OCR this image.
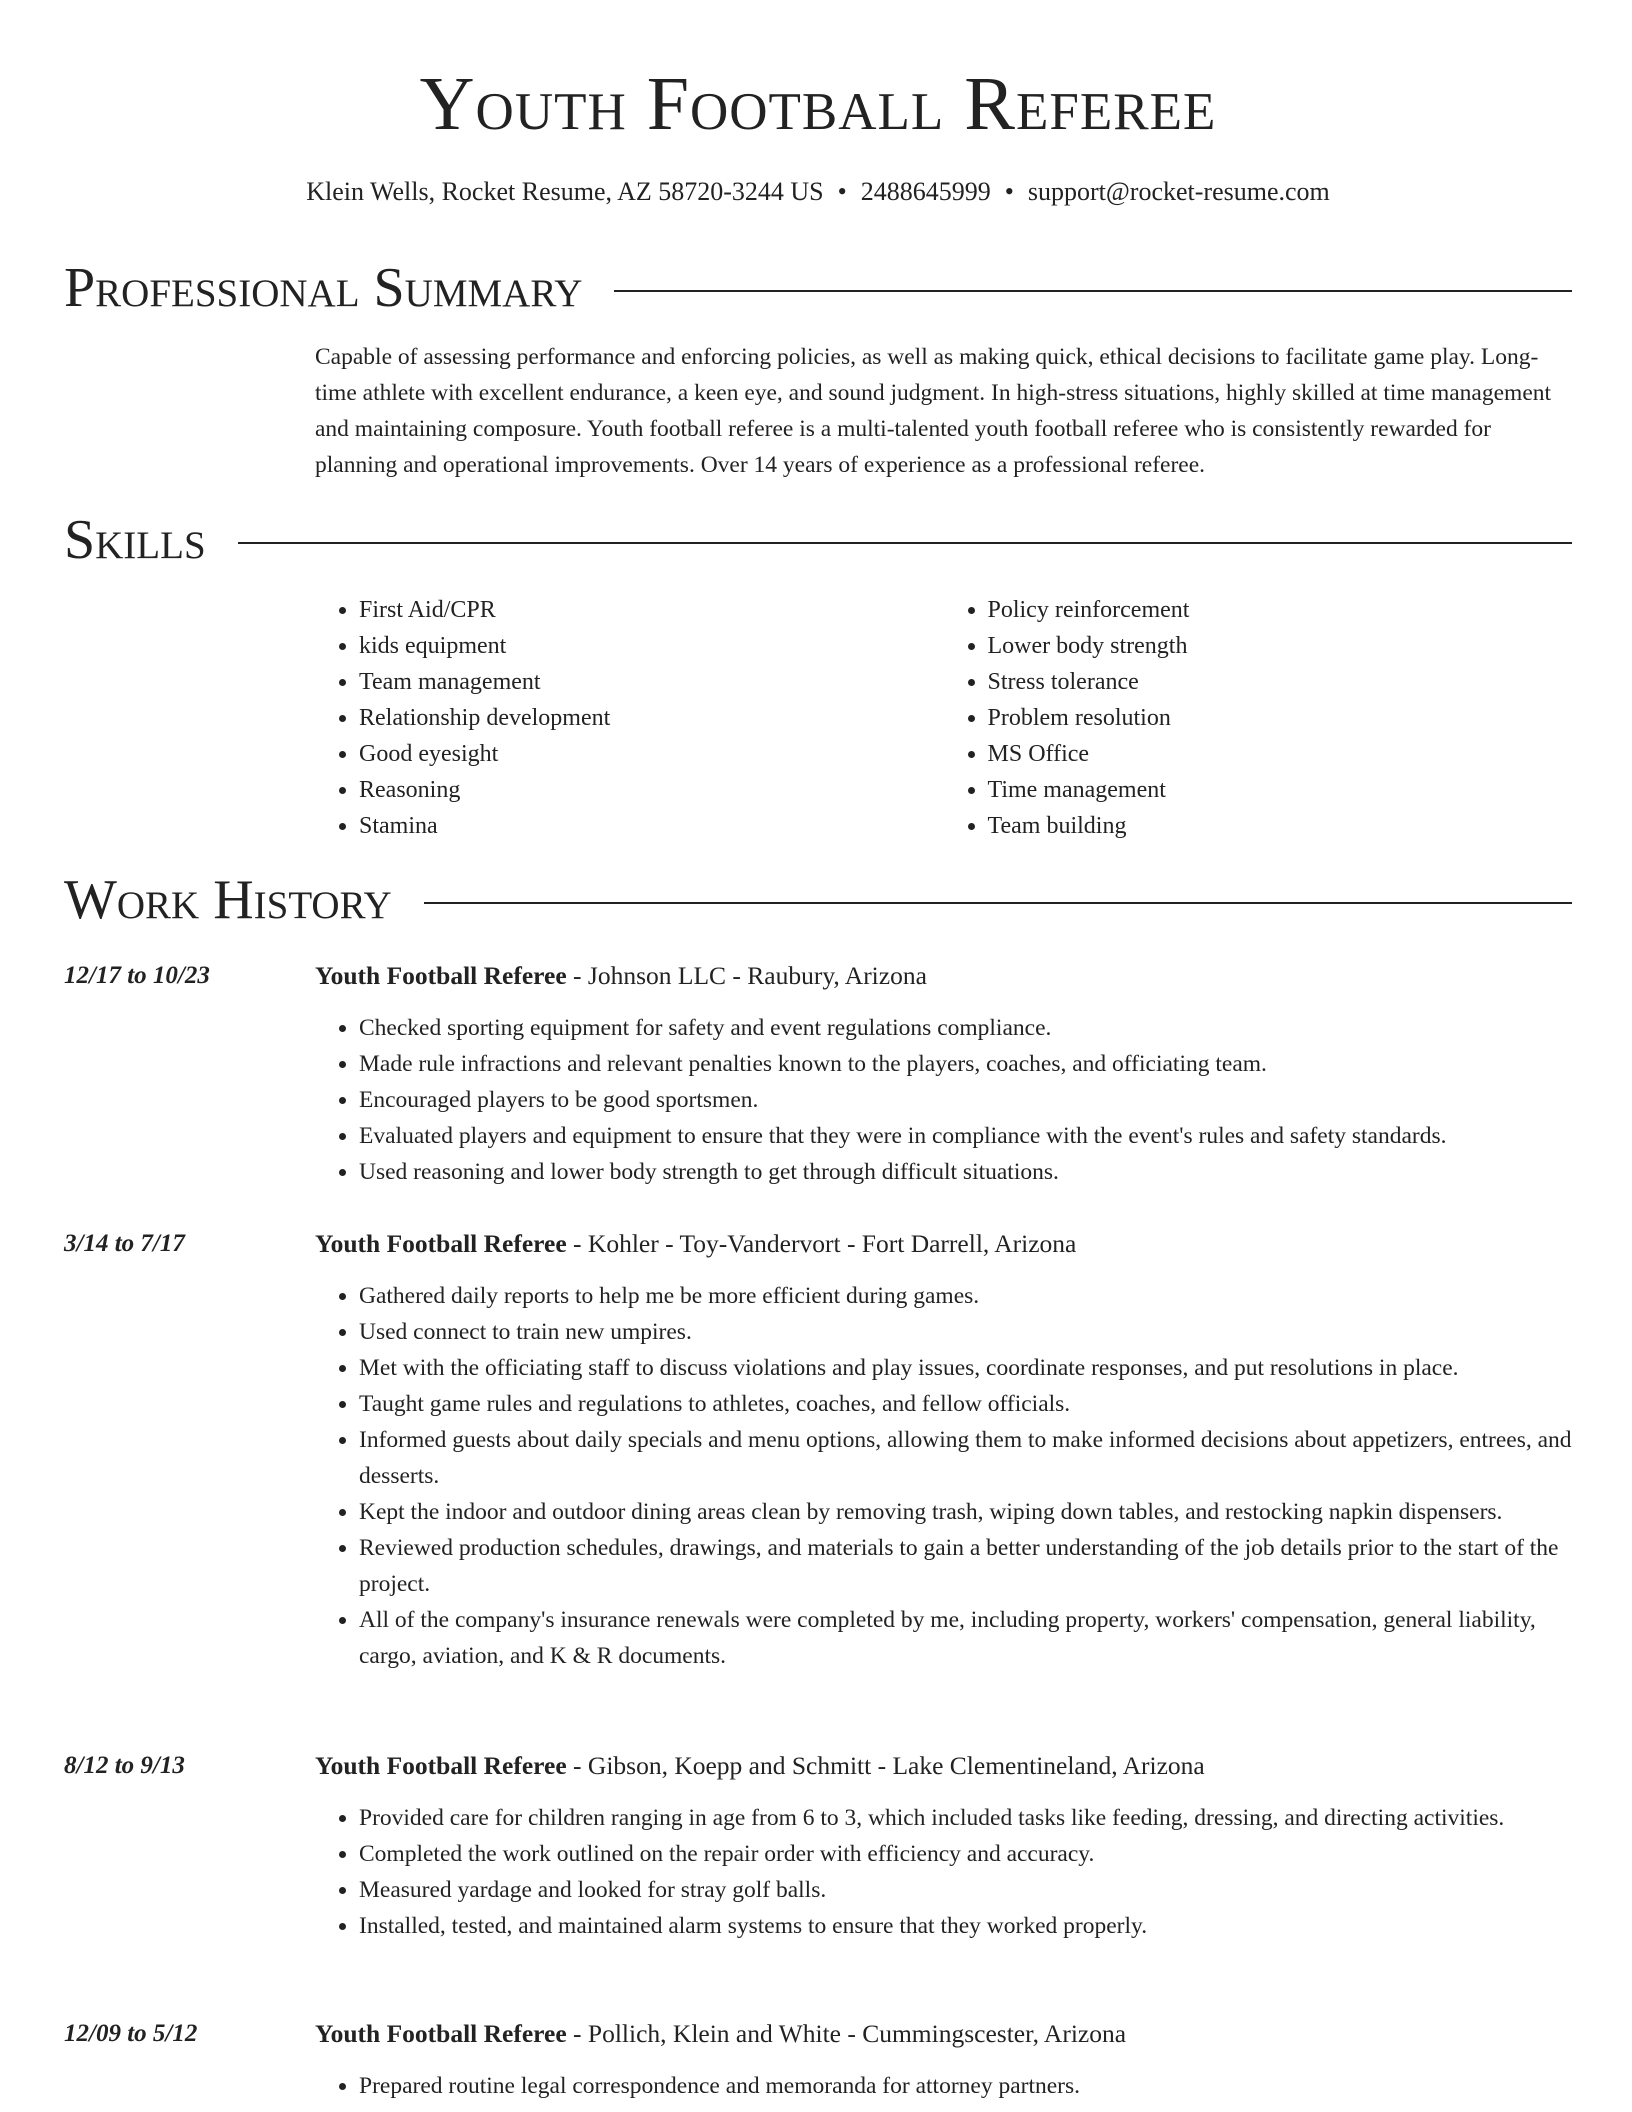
Youth Football Referee
Klein Wells, Rocket Resume, AZ 58720-3244 US • 2488645999 • support@rocket-resume.com
Professional Summary

Capable of assessing performance and enforcing policies, as well as making quick, ethical decisions to facilitate game play. Long-time athlete with excellent endurance, a keen eye, and sound judgment. In high-stress situations, highly skilled at time management and maintaining composure. Youth football referee is a multi-talented youth football referee who is consistently rewarded for planning and operational improvements. Over 14 years of experience as a professional referee.

Skills
• First Aid/CPR
• kids equipment
• Team management
• Relationship development
• Good eyesight
• Reasoning
• Stamina
• Policy reinforcement
• Lower body strength
• Stress tolerance
• Problem resolution
• MS Office
• Time management
• Team building
Work History
12/17 to 10/23	Youth Football Referee - Johnson LLC - Raubury, Arizona
• Checked sporting equipment for safety and event regulations compliance.
• Made rule infractions and relevant penalties known to the players, coaches, and officiating team.
• Encouraged players to be good sportsmen.
• Evaluated players and equipment to ensure that they were in compliance with the event's rules and safety standards.
• Used reasoning and lower body strength to get through difficult situations.
3/14 to 7/17	Youth Football Referee - Kohler - Toy-Vandervort - Fort Darrell, Arizona
• Gathered daily reports to help me be more efficient during games.
• Used connect to train new umpires.
• Met with the officiating staff to discuss violations and play issues, coordinate responses, and put resolutions in place.
• Taught game rules and regulations to athletes, coaches, and fellow officials.
• Informed guests about daily specials and menu options, allowing them to make informed decisions about appetizers, entrees, and desserts.
• Kept the indoor and outdoor dining areas clean by removing trash, wiping down tables, and restocking napkin dispensers.
• Reviewed production schedules, drawings, and materials to gain a better understanding of the job details prior to the start of the project.
• All of the company's insurance renewals were completed by me, including property, workers' compensation, general liability, cargo, aviation, and K & R documents.
8/12 to 9/13	Youth Football Referee - Gibson, Koepp and Schmitt - Lake Clementineland, Arizona
• Provided care for children ranging in age from 6 to 3, which included tasks like feeding, dressing, and directing activities.
• Completed the work outlined on the repair order with efficiency and accuracy.
• Measured yardage and looked for stray golf balls.
• Installed, tested, and maintained alarm systems to ensure that they worked properly.
12/09 to 5/12	Youth Football Referee - Pollich, Klein and White - Cummingscester, Arizona
• Prepared routine legal correspondence and memoranda for attorney partners.
